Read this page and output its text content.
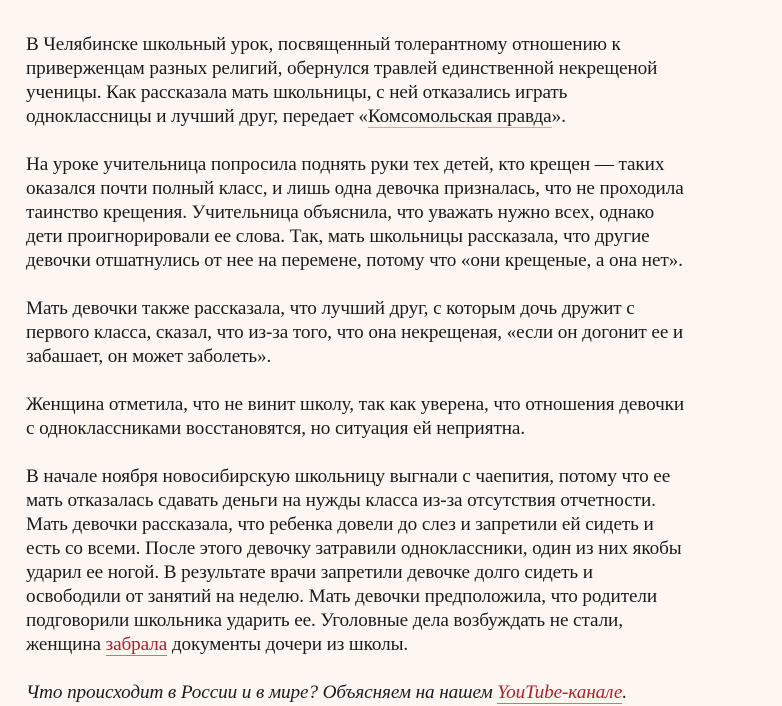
В Челябинске школьный урок, посвященный толерантному отношению к
приверженцам разных религий, обернулся травлей единственной некрещеной
ученицы. Как рассказала мать школьницы, с ней отказались играть
одноклассницы и лучший друг, передает «Комсомольская правда».

На уроке учительница попросила поднять руки тех детей, кто крещен — таких
оказался почти полный класс, и лишь одна девочка призналась, что не проходила
таинство крещения. Учительница объяснила, что уважать нужно всех, однако
дети проигнорировали ее слова. Так, мать школьницы рассказала, что другие
девочки отшатнулись от нее на перемене, потому что «они крещеные, а она нет».

Мать девочки также рассказала, что лучший друг, с которым дочь дружит с
первого класса, сказал, что из-за того, что она некрещеная, «если он догонит ее и
забашает, он может заболеть».

Женщина отметила, что не винит школу, так как уверена, что отношения девочки
с одноклассниками восстановятся, но ситуация ей неприятна.

В начале ноября новосибирскую школьницу выгнали с чаепития, потому что ее
мать отказалась сдавать деньги на нужды класса из-за отсутствия отчетности.
Мать девочки рассказала, что ребенка довели до слез и запретили ей сидеть и
есть со всеми. После этого девочку затравили одноклассники, один из них якобы
ударил ее ногой. В результате врачи запретили девочке долго сидеть и
освободили от занятий на неделю. Мать девочки предположила, что родители
подговорили школьника ударить ее. Уголовные дела возбуждать не стали,
женщина забрала документы дочери из школы.

Что происходит в России и в мире? Объясняем на нашем YouTube-канале.
